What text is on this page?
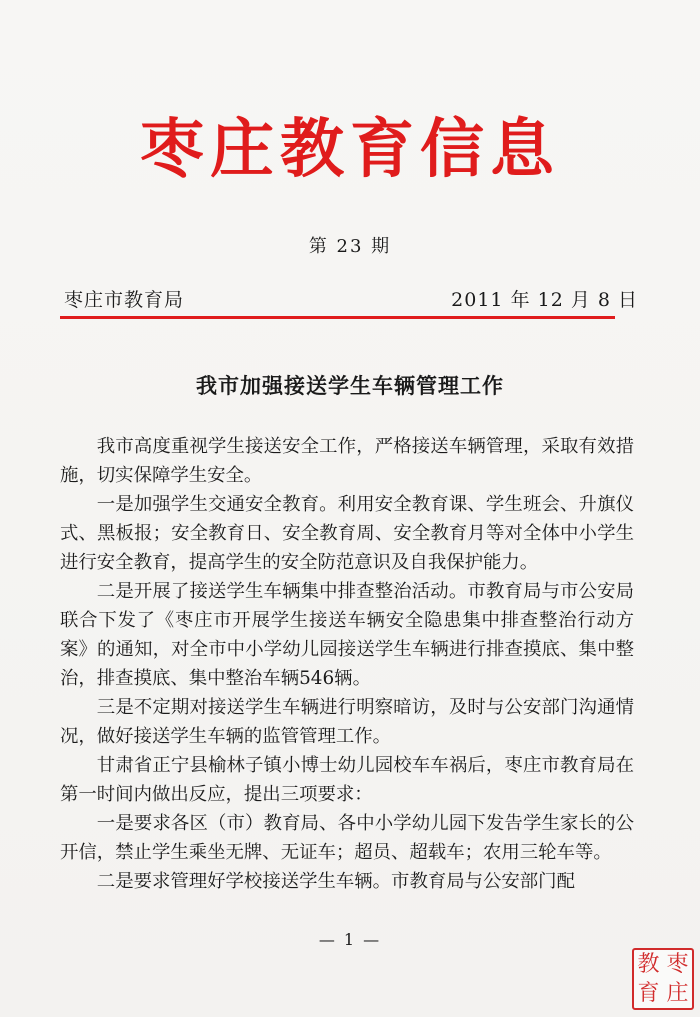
枣庄教育信息
第 23 期
枣庄市教育局	2011 年 12 月 8 日
我市加强接送学生车辆管理工作

我市高度重视学生接送安全工作，严格接送车辆管理，采取有效措施，切实保障学生安全。

一是加强学生交通安全教育。利用安全教育课、学生班会、升旗仪式、黑板报；安全教育日、安全教育周、安全教育月等对全体中小学生进行安全教育，提高学生的安全防范意识及自我保护能力。

二是开展了接送学生车辆集中排查整治活动。市教育局与市公安局联合下发了《枣庄市开展学生接送车辆安全隐患集中排查整治行动方案》的通知，对全市中小学幼儿园接送学生车辆进行排查摸底、集中整治，排查摸底、集中整治车辆546辆。

三是不定期对接送学生车辆进行明察暗访，及时与公安部门沟通情况，做好接送学生车辆的监管管理工作。

甘肃省正宁县榆林子镇小博士幼儿园校车车祸后，枣庄市教育局在第一时间内做出反应，提出三项要求：

一是要求各区（市）教育局、各中小学幼儿园下发告学生家长的公开信，禁止学生乘坐无牌、无证车；超员、超载车；农用三轮车等。

二是要求管理好学校接送学生车辆。市教育局与公安部门配

— 1 —
枣
教
庄
育
